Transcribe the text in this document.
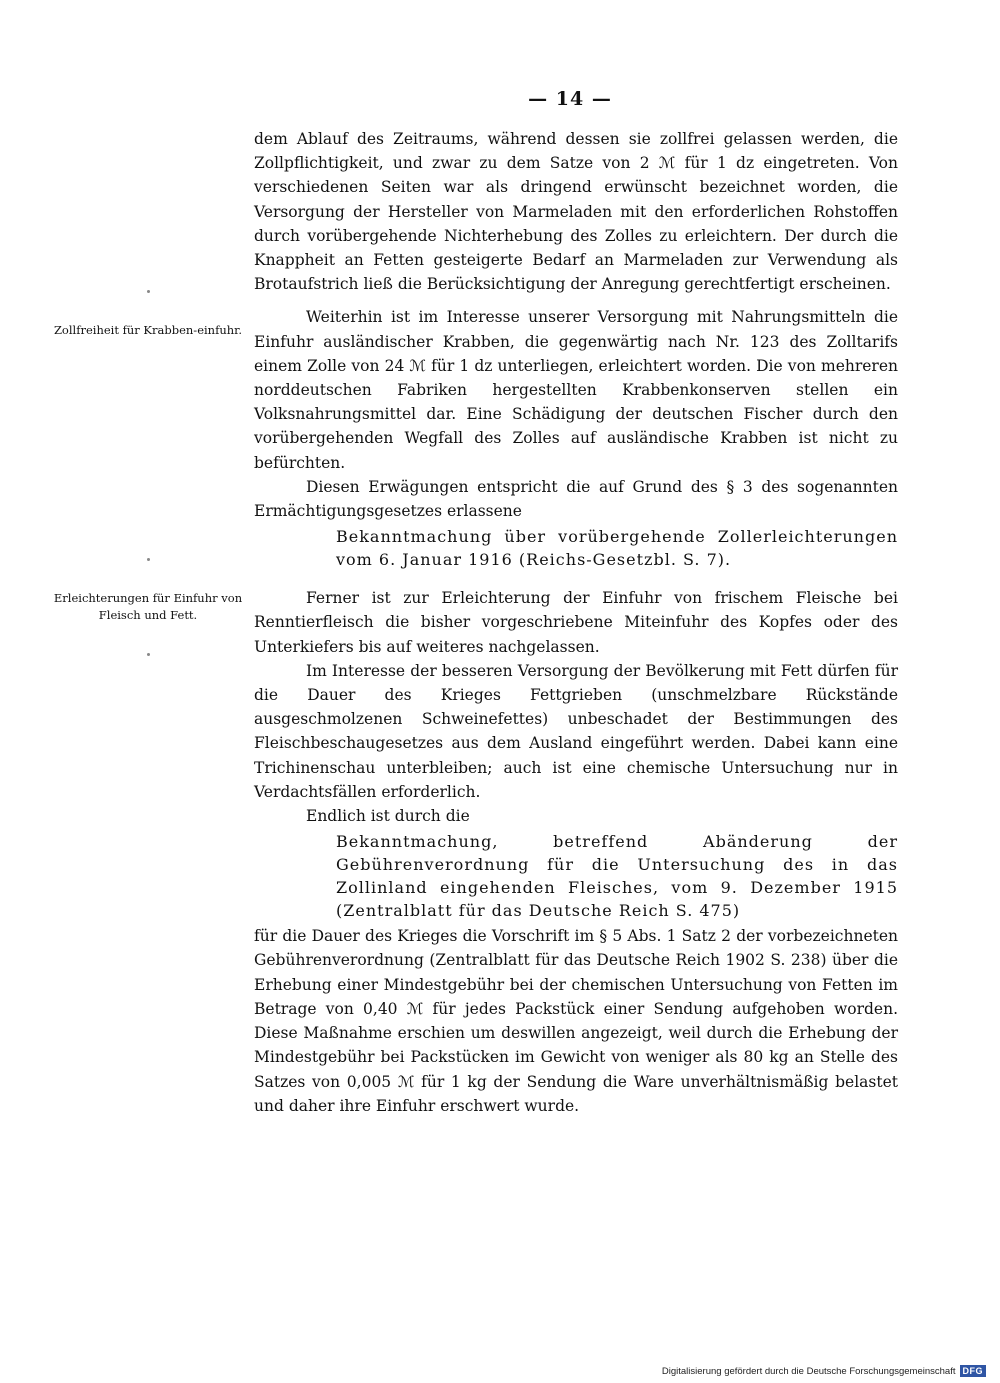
— 14 —
Zollfreiheit für Krabben-einfuhr.
Erleichterungen für Einfuhr von Fleisch und Fett.

dem Ablauf des Zeitraums, während dessen sie zollfrei gelassen werden, die Zollpflichtigkeit, und zwar zu dem Satze von 2 ℳ für 1 dz eingetreten. Von verschiedenen Seiten war als dringend erwünscht bezeichnet worden, die Versorgung der Hersteller von Marmeladen mit den erforderlichen Rohstoffen durch vorübergehende Nichterhebung des Zolles zu erleichtern. Der durch die Knappheit an Fetten gesteigerte Bedarf an Marmeladen zur Verwendung als Brotaufstrich ließ die Berücksichtigung der Anregung gerechtfertigt erscheinen.

Weiterhin ist im Interesse unserer Versorgung mit Nahrungsmitteln die Einfuhr ausländischer Krabben, die gegenwärtig nach Nr. 123 des Zolltarifs einem Zolle von 24 ℳ für 1 dz unterliegen, erleichtert worden. Die von mehreren norddeutschen Fabriken hergestellten Krabbenkonserven stellen ein Volksnahrungsmittel dar. Eine Schädigung der deutschen Fischer durch den vorübergehenden Wegfall des Zolles auf ausländische Krabben ist nicht zu befürchten.

Diesen Erwägungen entspricht die auf Grund des § 3 des sogenannten Ermächtigungsgesetzes erlassene

Bekanntmachung über vorübergehende Zollerleichterungen vom 6. Januar 1916 (Reichs-Gesetzbl. S. 7).

Ferner ist zur Erleichterung der Einfuhr von frischem Fleische bei Renntierfleisch die bisher vorgeschriebene Miteinfuhr des Kopfes oder des Unterkiefers bis auf weiteres nachgelassen.

Im Interesse der besseren Versorgung der Bevölkerung mit Fett dürfen für die Dauer des Krieges Fettgrieben (unschmelzbare Rückstände ausgeschmolzenen Schweinefettes) unbeschadet der Bestimmungen des Fleischbeschaugesetzes aus dem Ausland eingeführt werden. Dabei kann eine Trichinenschau unterbleiben; auch ist eine chemische Untersuchung nur in Verdachtsfällen erforderlich.

Endlich ist durch die

Bekanntmachung, betreffend Abänderung der Gebührenverordnung für die Untersuchung des in das Zollinland eingehenden Fleisches, vom 9. Dezember 1915 (Zentralblatt für das Deutsche Reich S. 475)

für die Dauer des Krieges die Vorschrift im § 5 Abs. 1 Satz 2 der vorbezeichneten Gebührenverordnung (Zentralblatt für das Deutsche Reich 1902 S. 238) über die Erhebung einer Mindestgebühr bei der chemischen Untersuchung von Fetten im Betrage von 0,40 ℳ für jedes Packstück einer Sendung aufgehoben worden. Diese Maßnahme erschien um deswillen angezeigt, weil durch die Erhebung der Mindestgebühr bei Packstücken im Gewicht von weniger als 80 kg an Stelle des Satzes von 0,005 ℳ für 1 kg der Sendung die Ware unverhältnismäßig belastet und daher ihre Einfuhr erschwert wurde.

Digitalisierung gefördert durch die Deutsche Forschungsgemeinschaft DFG
